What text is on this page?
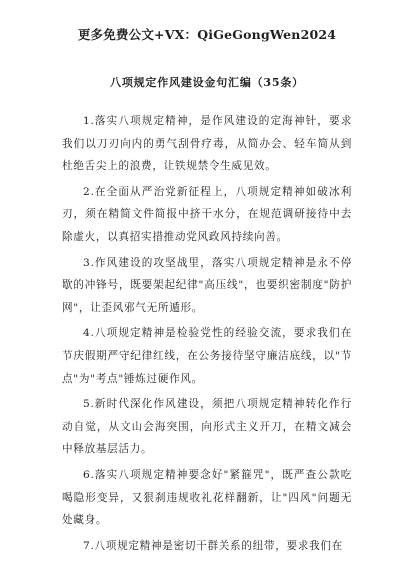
更多免费公文+VX：QiGeGongWen2024
八项规定作风建设金句汇编（35条）

1.落实八项规定精神，是作风建设的定海神针，要求我们以刀刃向内的勇气刮骨疗毒，从简办会、轻车简从到杜绝舌尖上的浪费，让铁规禁令生威见效。

2.在全面从严治党新征程上，八项规定精神如破冰利刃，须在精简文件简报中挤干水分，在规范调研接待中去除虚火，以真招实措推动党风政风持续向善。

3.作风建设的攻坚战里，落实八项规定精神是永不停歇的冲锋号，既要架起纪律"高压线"，也要织密制度"防护网"，让歪风邪气无所遁形。

4.八项规定精神是检验党性的经验交流，要求我们在节庆假期严守纪律红线，在公务接待坚守廉洁底线，以"节点"为"考点"锤炼过硬作风。

5.新时代深化作风建设，须把八项规定精神转化作行动自觉，从文山会海突围，向形式主义开刀，在精文减会中释放基层活力。

6.落实八项规定精神要念好"紧箍咒"，既严查公款吃喝隐形变异，又狠刹违规收礼花样翻新，让"四风"问题无处藏身。

7.八项规定精神是密切干群关系的纽带，要求我们在
